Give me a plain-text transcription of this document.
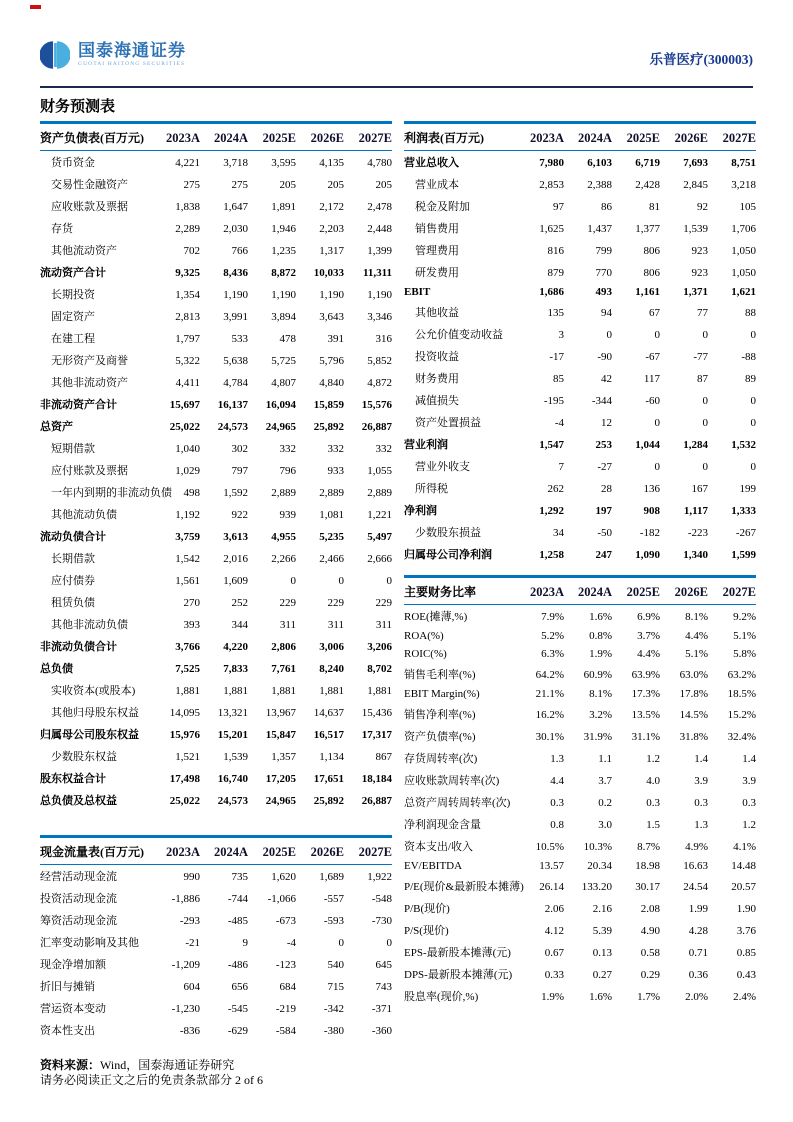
国泰海通证券
GUOTAI HAITONG SECURITIES	乐普医疗(300003)
财务预测表
资产负债表(百万元)	2023A	2024A	2025E	2026E	2027E
货币资金	4,221	3,718	3,595	4,135	4,780
交易性金融资产	275	275	205	205	205
应收账款及票据	1,838	1,647	1,891	2,172	2,478
存货	2,289	2,030	1,946	2,203	2,448
其他流动资产	702	766	1,235	1,317	1,399
流动资产合计	9,325	8,436	8,872	10,033	11,311
长期投资	1,354	1,190	1,190	1,190	1,190
固定资产	2,813	3,991	3,894	3,643	3,346
在建工程	1,797	533	478	391	316
无形资产及商誉	5,322	5,638	5,725	5,796	5,852
其他非流动资产	4,411	4,784	4,807	4,840	4,872
非流动资产合计	15,697	16,137	16,094	15,859	15,576
总资产	25,022	24,573	24,965	25,892	26,887
短期借款	1,040	302	332	332	332
应付账款及票据	1,029	797	796	933	1,055
一年内到期的非流动负债	498	1,592	2,889	2,889	2,889
其他流动负债	1,192	922	939	1,081	1,221
流动负债合计	3,759	3,613	4,955	5,235	5,497
长期借款	1,542	2,016	2,266	2,466	2,666
应付债券	1,561	1,609	0	0	0
租赁负债	270	252	229	229	229
其他非流动负债	393	344	311	311	311
非流动负债合计	3,766	4,220	2,806	3,006	3,206
总负债	7,525	7,833	7,761	8,240	8,702
实收资本(或股本)	1,881	1,881	1,881	1,881	1,881
其他归母股东权益	14,095	13,321	13,967	14,637	15,436
归属母公司股东权益	15,976	15,201	15,847	16,517	17,317
少数股东权益	1,521	1,539	1,357	1,134	867
股东权益合计	17,498	16,740	17,205	17,651	18,184
总负债及总权益	25,022	24,573	24,965	25,892	26,887
现金流量表(百万元)	2023A	2024A	2025E	2026E	2027E
经营活动现金流	990	735	1,620	1,689	1,922
投资活动现金流	-1,886	-744	-1,066	-557	-548
筹资活动现金流	-293	-485	-673	-593	-730
汇率变动影响及其他	-21	9	-4	0	0
现金净增加额	-1,209	-486	-123	540	645
折旧与摊销	604	656	684	715	743
营运资本变动	-1,230	-545	-219	-342	-371
资本性支出	-836	-629	-584	-380	-360
资料来源：Wind，国泰海通证券研究
利润表(百万元)	2023A	2024A	2025E	2026E	2027E
营业总收入	7,980	6,103	6,719	7,693	8,751
营业成本	2,853	2,388	2,428	2,845	3,218
税金及附加	97	86	81	92	105
销售费用	1,625	1,437	1,377	1,539	1,706
管理费用	816	799	806	923	1,050
研发费用	879	770	806	923	1,050
EBIT	1,686	493	1,161	1,371	1,621
其他收益	135	94	67	77	88
公允价值变动收益	3	0	0	0	0
投资收益	-17	-90	-67	-77	-88
财务费用	85	42	117	87	89
减值损失	-195	-344	-60	0	0
资产处置损益	-4	12	0	0	0
营业利润	1,547	253	1,044	1,284	1,532
营业外收支	7	-27	0	0	0
所得税	262	28	136	167	199
净利润	1,292	197	908	1,117	1,333
少数股东损益	34	-50	-182	-223	-267
归属母公司净利润	1,258	247	1,090	1,340	1,599
主要财务比率	2023A	2024A	2025E	2026E	2027E
ROE(摊薄,%)	7.9%	1.6%	6.9%	8.1%	9.2%
ROA(%)	5.2%	0.8%	3.7%	4.4%	5.1%
ROIC(%)	6.3%	1.9%	4.4%	5.1%	5.8%
销售毛利率(%)	64.2%	60.9%	63.9%	63.0%	63.2%
EBIT Margin(%)	21.1%	8.1%	17.3%	17.8%	18.5%
销售净利率(%)	16.2%	3.2%	13.5%	14.5%	15.2%
资产负债率(%)	30.1%	31.9%	31.1%	31.8%	32.4%
存货周转率(次)	1.3	1.1	1.2	1.4	1.4
应收账款周转率(次)	4.4	3.7	4.0	3.9	3.9
总资产周转周转率(次)	0.3	0.2	0.3	0.3	0.3
净利润现金含量	0.8	3.0	1.5	1.3	1.2
资本支出/收入	10.5%	10.3%	8.7%	4.9%	4.1%
EV/EBITDA	13.57	20.34	18.98	16.63	14.48
P/E(现价&最新股本摊薄)	26.14	133.20	30.17	24.54	20.57
P/B(现价)	2.06	2.16	2.08	1.99	1.90
P/S(现价)	4.12	5.39	4.90	4.28	3.76
EPS-最新股本摊薄(元)	0.67	0.13	0.58	0.71	0.85
DPS-最新股本摊薄(元)	0.33	0.27	0.29	0.36	0.43
股息率(现价,%)	1.9%	1.6%	1.7%	2.0%	2.4%
请务必阅读正文之后的免责条款部分 2 of 6
